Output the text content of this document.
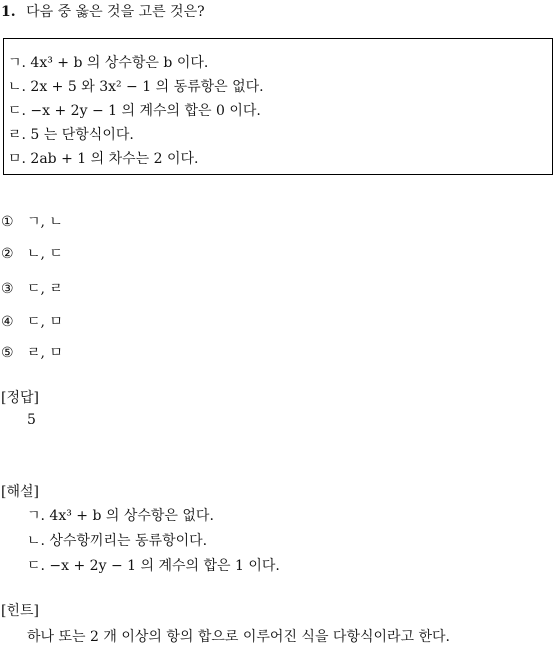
1. 다음 중 옳은 것을 고른 것은?
ㄱ. 4x³ + b 의 상수항은 b 이다.
ㄴ. 2x + 5 와 3x² − 1 의 동류항은 없다.
ㄷ. −x + 2y − 1 의 계수의 합은 0 이다.
ㄹ. 5 는 단항식이다.
ㅁ. 2ab + 1 의 차수는 2 이다.
① ㄱ, ㄴ
② ㄴ, ㄷ
③ ㄷ, ㄹ
④ ㄷ, ㅁ
⑤ ㄹ, ㅁ
[정답]
5
[해설]
ㄱ. 4x³ + b 의 상수항은 없다.
ㄴ. 상수항끼리는 동류항이다.
ㄷ. −x + 2y − 1 의 계수의 합은 1 이다.
[힌트]
하나 또는 2 개 이상의 항의 합으로 이루어진 식을 다항식이라고 한다.
